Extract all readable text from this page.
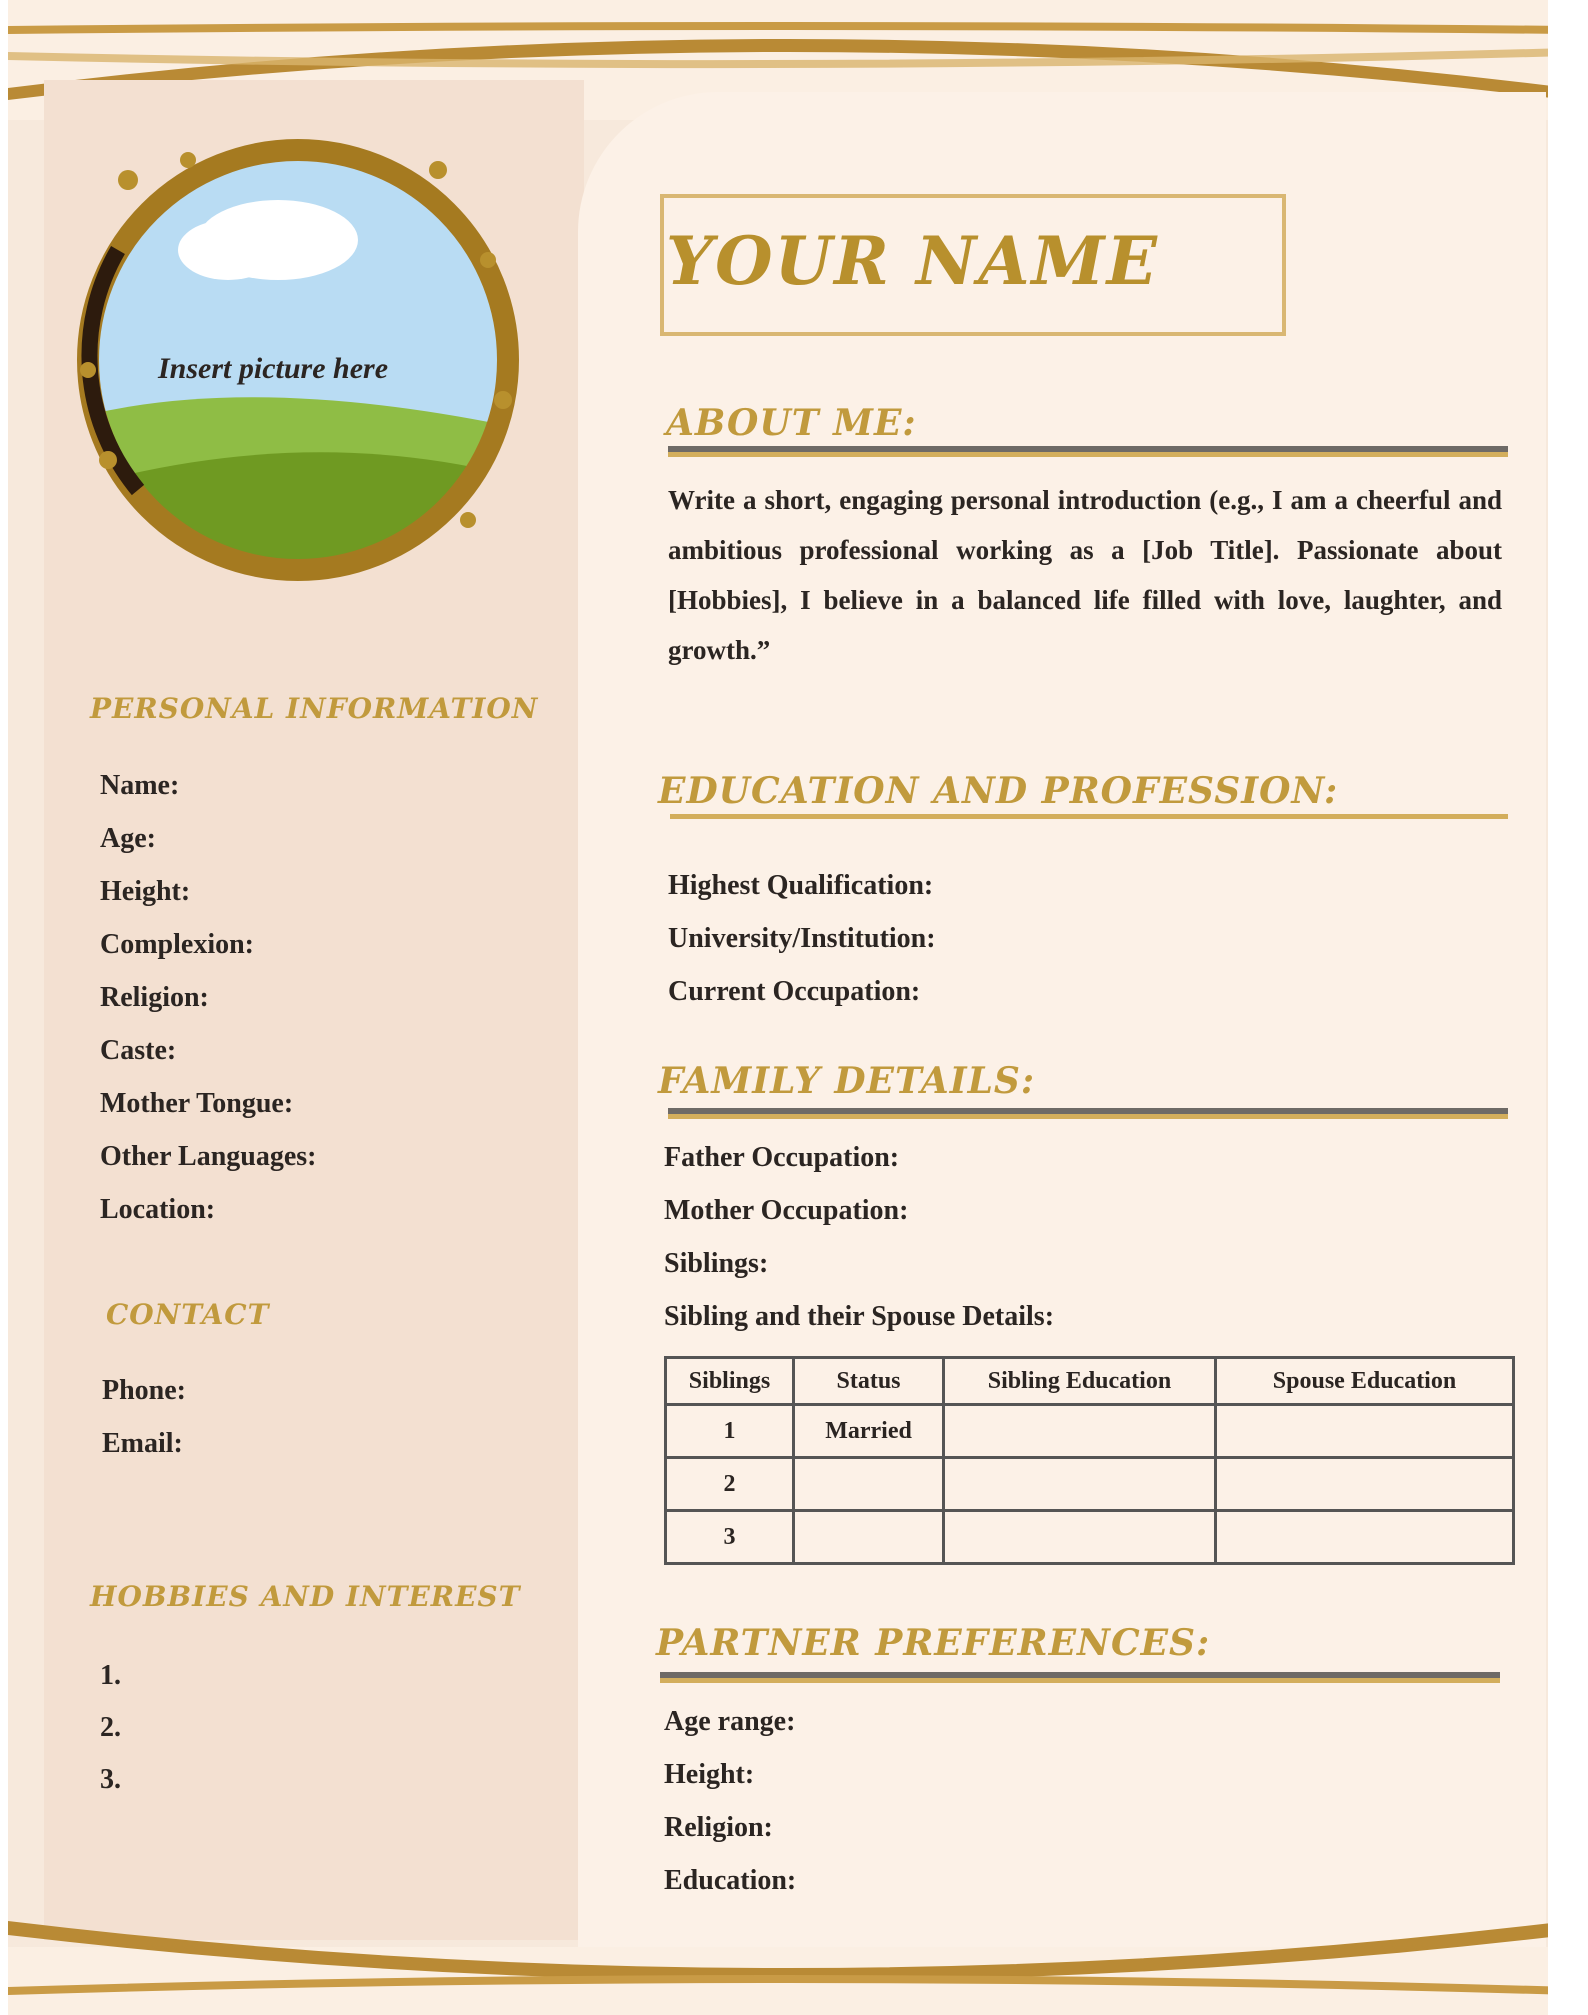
Insert picture here
YOUR NAME
PERSONAL INFORMATION
Name:
Age:
Height:
Complexion:
Religion:
Caste:
Mother Tongue:
Other Languages:
Location:
CONTACT
Phone:
Email:
HOBBIES AND INTEREST
1.
2.
3.
ABOUT ME:
Write a short, engaging personal introduction (e.g., I am a cheerful and ambitious professional working as a [Job Title]. Passionate about [Hobbies], I believe in a balanced life filled with love, laughter, and growth.”
EDUCATION AND PROFESSION:
Highest Qualification:
University/Institution:
Current Occupation:
FAMILY DETAILS:
Father Occupation:
Mother Occupation:
Siblings:
Sibling and their Spouse Details:
Siblings	Status	Sibling Education	Spouse Education
1	Married		
2			
3			
PARTNER PREFERENCES:
Age range:
Height:
Religion:
Education:
